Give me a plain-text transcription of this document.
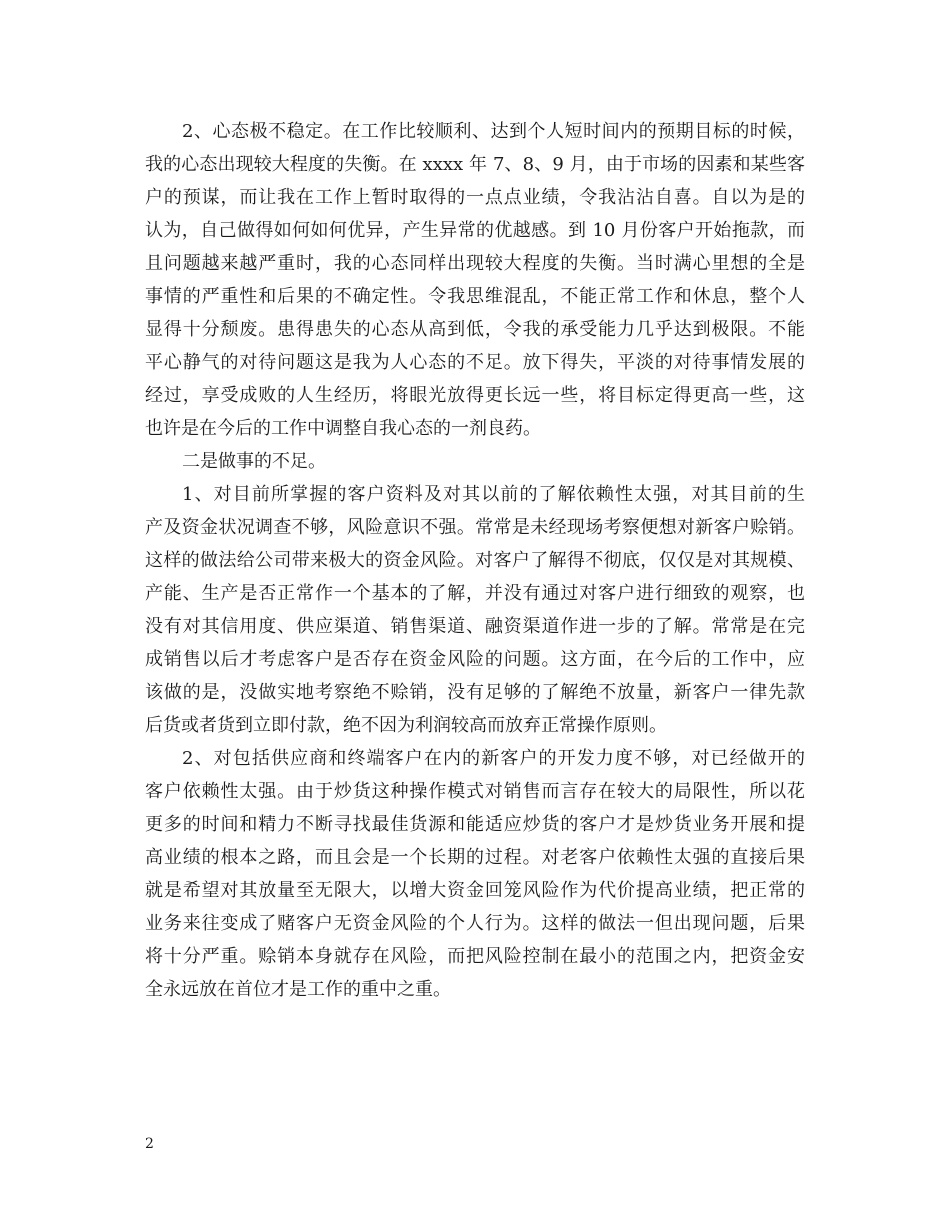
2、心态极不稳定。在工作比较顺利、达到个人短时间内的预期目标的时候，
我的心态出现较大程度的失衡。在 xxxx 年 7、8、9 月，由于市场的因素和某些客
户的预谋，而让我在工作上暂时取得的一点点业绩，令我沾沾自喜。自以为是的
认为，自己做得如何如何优异，产生异常的优越感。到 10 月份客户开始拖款，而
且问题越来越严重时，我的心态同样出现较大程度的失衡。当时满心里想的全是
事情的严重性和后果的不确定性。令我思维混乱，不能正常工作和休息，整个人
显得十分颓废。患得患失的心态从高到低，令我的承受能力几乎达到极限。不能
平心静气的对待问题这是我为人心态的不足。放下得失，平淡的对待事情发展的
经过，享受成败的人生经历，将眼光放得更长远一些，将目标定得更高一些，这
也许是在今后的工作中调整自我心态的一剂良药。
二是做事的不足。
1、对目前所掌握的客户资料及对其以前的了解依赖性太强，对其目前的生
产及资金状况调查不够，风险意识不强。常常是未经现场考察便想对新客户赊销。
这样的做法给公司带来极大的资金风险。对客户了解得不彻底，仅仅是对其规模、
产能、生产是否正常作一个基本的了解，并没有通过对客户进行细致的观察，也
没有对其信用度、供应渠道、销售渠道、融资渠道作进一步的了解。常常是在完
成销售以后才考虑客户是否存在资金风险的问题。这方面，在今后的工作中，应
该做的是，没做实地考察绝不赊销，没有足够的了解绝不放量，新客户一律先款
后货或者货到立即付款，绝不因为利润较高而放弃正常操作原则。
2、对包括供应商和终端客户在内的新客户的开发力度不够，对已经做开的
客户依赖性太强。由于炒货这种操作模式对销售而言存在较大的局限性，所以花
更多的时间和精力不断寻找最佳货源和能适应炒货的客户才是炒货业务开展和提
高业绩的根本之路，而且会是一个长期的过程。对老客户依赖性太强的直接后果
就是希望对其放量至无限大，以增大资金回笼风险作为代价提高业绩，把正常的
业务来往变成了赌客户无资金风险的个人行为。这样的做法一但出现问题，后果
将十分严重。赊销本身就存在风险，而把风险控制在最小的范围之内，把资金安
全永远放在首位才是工作的重中之重。
2
